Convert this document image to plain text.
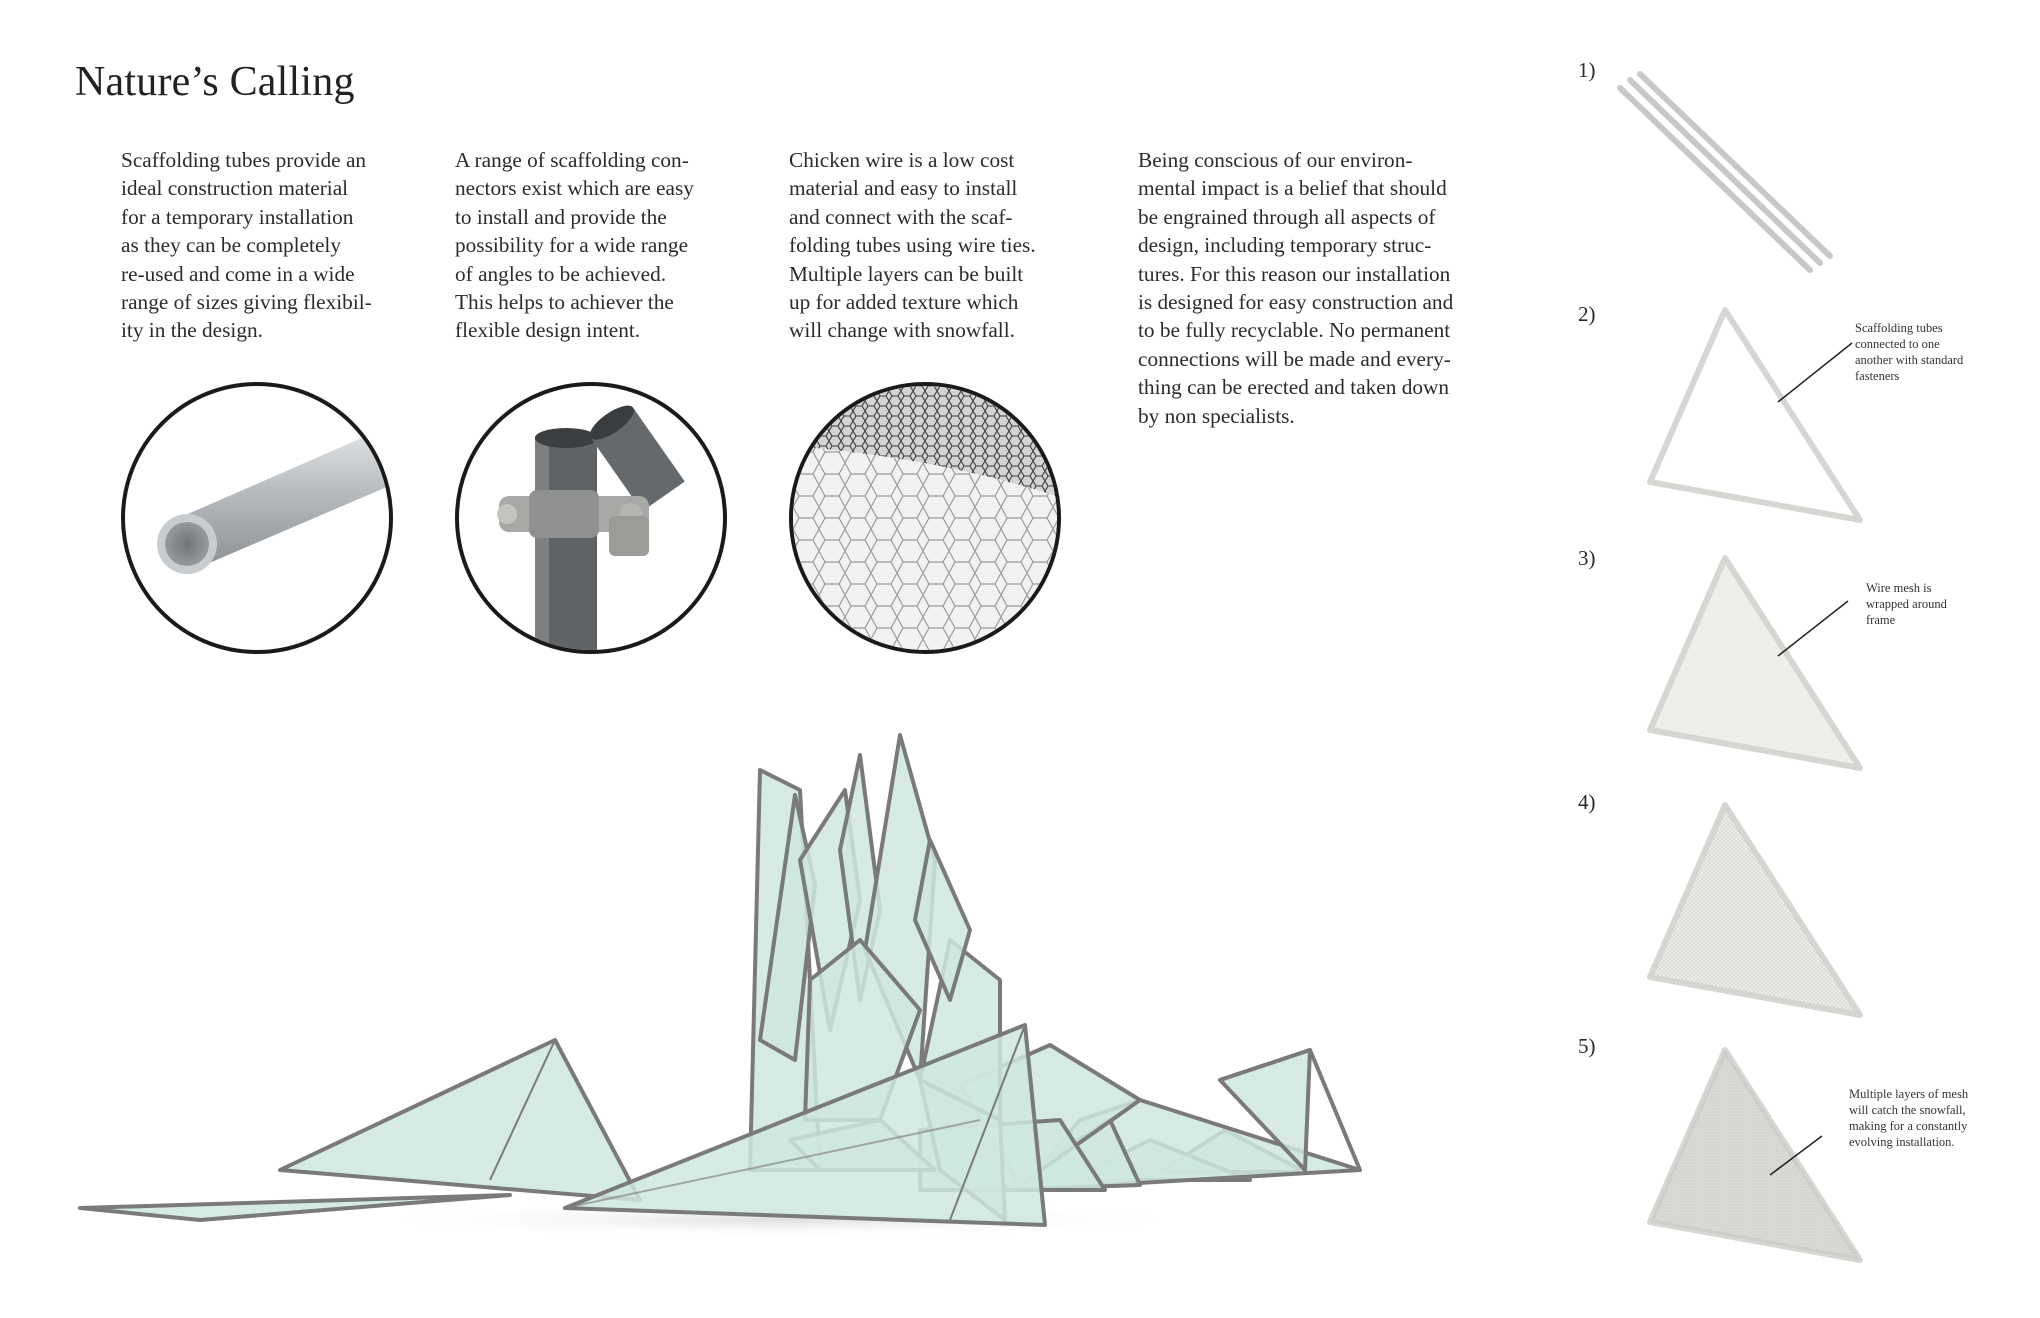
Nature’s Calling
Scaffolding tubes provide an
ideal construction material
for a temporary installation
as they can be completely
re-used and come in a wide
range of sizes giving flexibil-
ity in the design.
A range of scaffolding con-
nectors exist which are easy
to install and provide the
possibility for a wide range
of angles to be achieved.
This helps to achiever the
flexible design intent.
Chicken wire is a low cost
material and easy to install
and connect with the scaf-
folding tubes using wire ties.
Multiple layers can be built
up for added texture which
will change with snowfall.
Being conscious of our environ-
mental impact is a belief that should
be engrained through all aspects of
design, including temporary struc-
tures. For this reason our installation
is designed for easy construction and
to be fully recyclable. No permanent
connections will be made and every-
thing can be erected and taken down
by non specialists.
1)
2)
Scaffolding tubes
connected to one
another with standard
fasteners
3)
Wire mesh is
wrapped around
frame
4)
5)
Multiple layers of mesh
will catch the snowfall,
making for a constantly
evolving installation.
